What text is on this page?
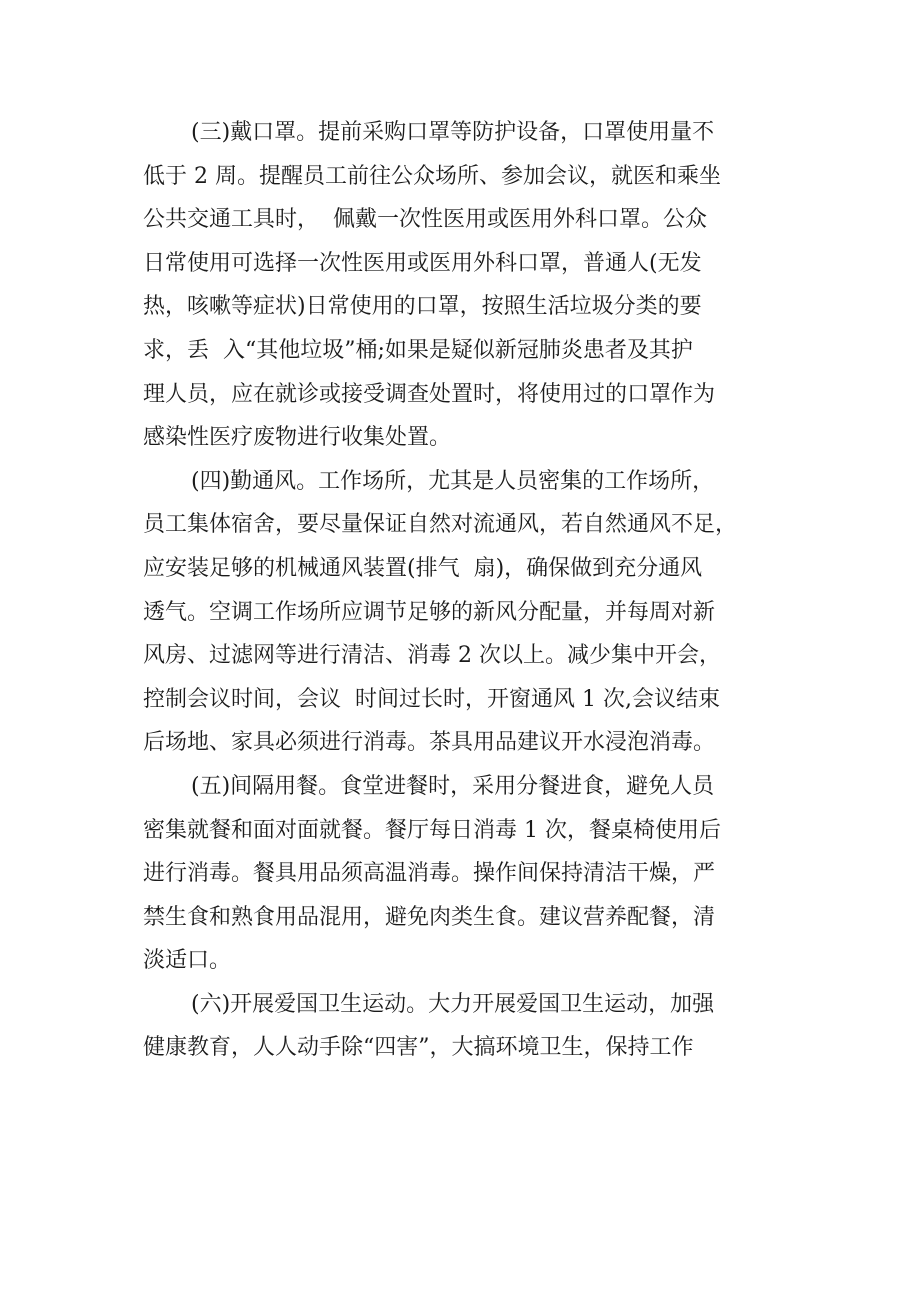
(三)戴口罩。提前采购口罩等防护设备，口罩使用量不
低于 2 周。提醒员工前往公众场所、参加会议，就医和乘坐
公共交通工具时，  佩戴一次性医用或医用外科口罩。公众
日常使用可选择一次性医用或医用外科口罩，普通人(无发
热，咳嗽等症状)日常使用的口罩，按照生活垃圾分类的要
求，丢  入“其他垃圾”桶;如果是疑似新冠肺炎患者及其护
理人员，应在就诊或接受调查处置时，将使用过的口罩作为
感染性医疗废物进行收集处置。

(四)勤通风。工作场所，尤其是人员密集的工作场所，
员工集体宿舍，要尽量保证自然对流通风，若自然通风不足，
应安装足够的机械通风装置(排气  扇)，确保做到充分通风
透气。空调工作场所应调节足够的新风分配量，并每周对新
风房、过滤网等进行清洁、消毒 2 次以上。减少集中开会，
控制会议时间，会议  时间过长时，开窗通风 1 次,会议结束
后场地、家具必须进行消毒。茶具用品建议开水浸泡消毒。

(五)间隔用餐。食堂进餐时，采用分餐进食，避免人员
密集就餐和面对面就餐。餐厅每日消毒 1 次，餐桌椅使用后
进行消毒。餐具用品须高温消毒。操作间保持清洁干燥，严
禁生食和熟食用品混用，避免肉类生食。建议营养配餐，清
淡适口。

(六)开展爱国卫生运动。大力开展爱国卫生运动，加强
健康教育，人人动手除“四害”，大搞环境卫生，保持工作
